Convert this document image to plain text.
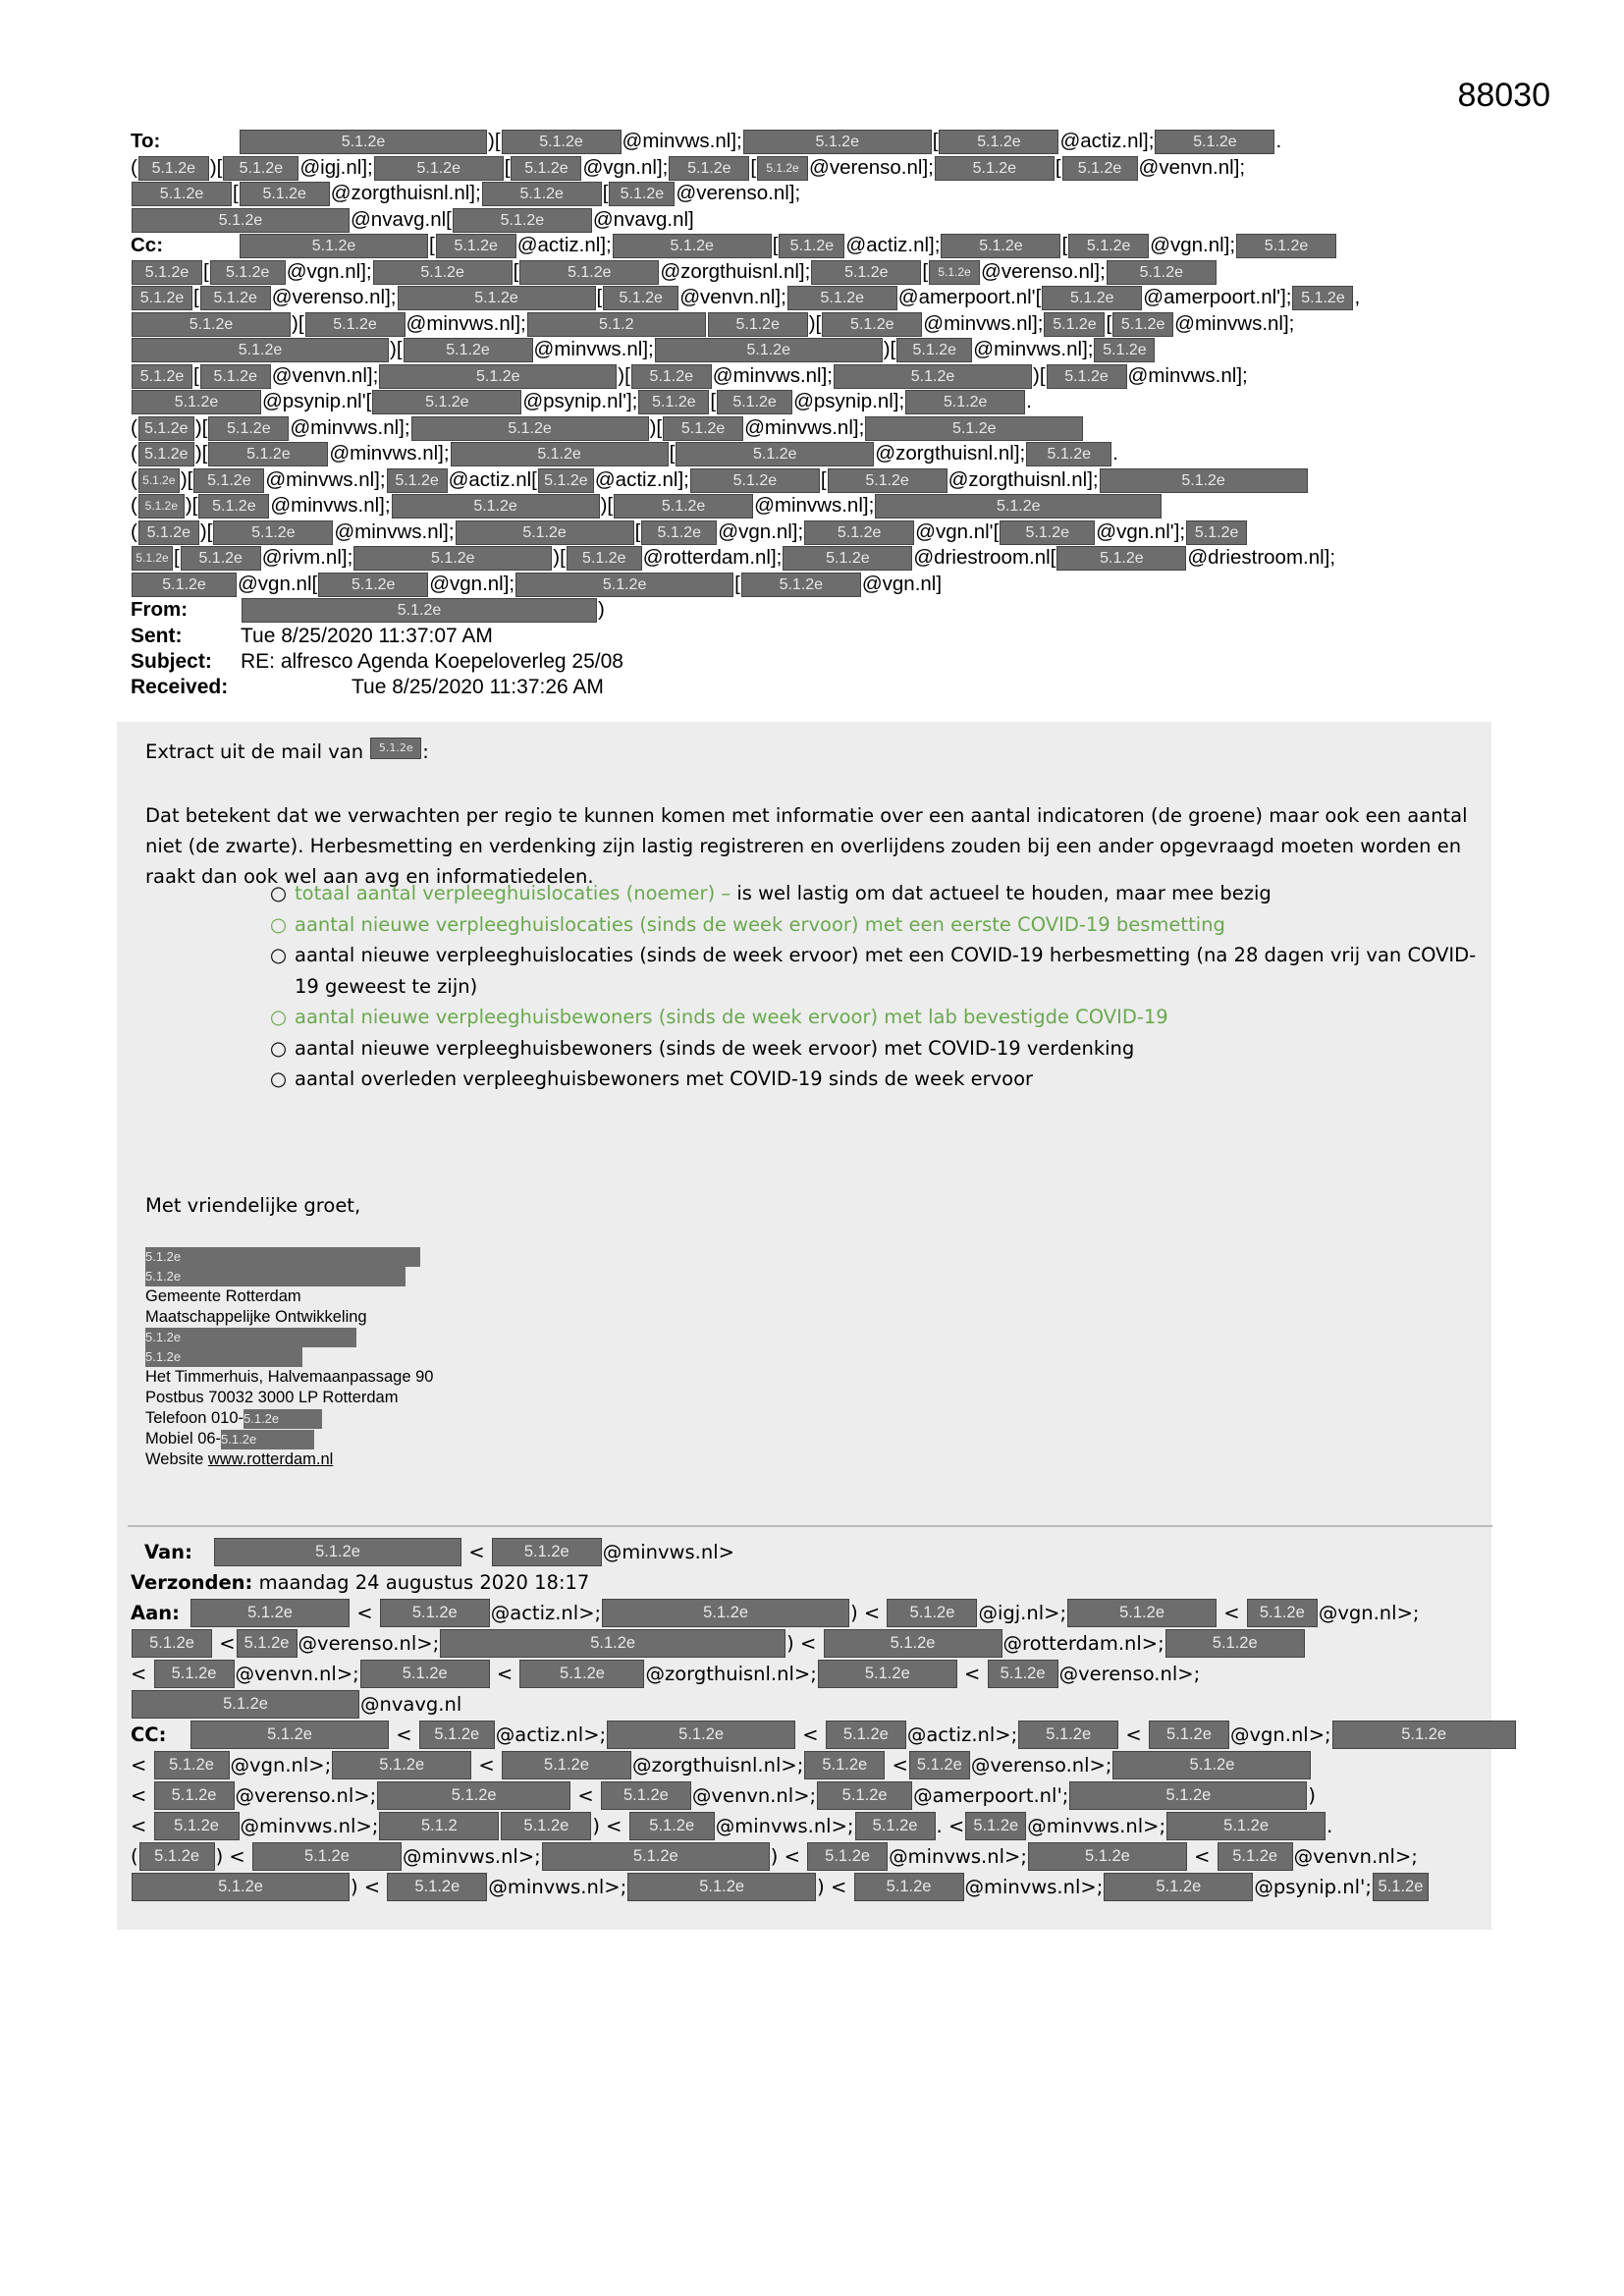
88030
To:	5.1.2e	)[ 5.1.2e @minvws.nl];	5.1.2e	[ 5.1.2e @actiz.nl]; 5.1.2e .
( 5.1.2e )[ 5.1.2e @igj.nl];	5.1.2e [ 5.1.2e @vgn.nl]; 5.1.2e [ 5.1.2e @verenso.nl]; 5.1.2e [ 5.1.2e @venvn.nl];
5.1.2e [ 5.1.2e @zorgthuisnl.nl]; 5.1.2e [ 5.1.2e @verenso.nl];
5.1.2e	@nvavg.nl[	5.1.2e @nvavg.nl]
Cc:	5.1.2e	[ 5.1.2e @actiz.nl];	5.1.2e	[ 5.1.2e @actiz.nl]; 5.1.2e [ 5.1.2e @vgn.nl]; 5.1.2e
5.1.2e [ 5.1.2e @vgn.nl];	5.1.2e [	5.1.2e @zorgthuisnl.nl]; 5.1.2e [ 5.1.2e @verenso.nl]; 5.1.2e
5.1.2e [ 5.1.2e @verenso.nl];	5.1.2e	[ 5.1.2e @venvn.nl]; 5.1.2e @amerpoort.nl'[ 5.1.2e @amerpoort.nl']; 5.1.2e ,
5.1.2e	)[ 5.1.2e @minvws.nl];	5.1.2	5.1.2e )[ 5.1.2e @minvws.nl]; 5.1.2e [ 5.1.2e @minvws.nl];
5.1.2e	)[	5.1.2e @minvws.nl];	5.1.2e	)[ 5.1.2e @minvws.nl]; 5.1.2e
5.1.2e [ 5.1.2e @venvn.nl];	5.1.2e	)[ 5.1.2e @minvws.nl];	5.1.2e	)[ 5.1.2e @minvws.nl];
5.1.2e @psynip.nl'[	5.1.2e	@psynip.nl']; 5.1.2e [ 5.1.2e @psynip.nl]; 5.1.2e .
( 5.1.2e )[ 5.1.2e @minvws.nl];	5.1.2e	)[ 5.1.2e @minvws.nl];	5.1.2e
( 5.1.2e )[ 5.1.2e @minvws.nl];	5.1.2e	[	5.1.2e	@zorgthuisnl.nl]; 5.1.2e .
( 5.1.2e )[ 5.1.2e @minvws.nl]; 5.1.2e @actiz.nl[ 5.1.2e @actiz.nl];	5.1.2e [ 5.1.2e @zorgthuisnl.nl];	5.1.2e
( 5.1.2e )[ 5.1.2e @minvws.nl];	5.1.2e	)[	5.1.2e @minvws.nl];	5.1.2e
( 5.1.2e )[ 5.1.2e @minvws.nl];	5.1.2e	[ 5.1.2e @vgn.nl]; 5.1.2e @vgn.nl'[ 5.1.2e @vgn.nl']; 5.1.2e
5.1.2e [ 5.1.2e @rivm.nl];	5.1.2e	)[ 5.1.2e @rotterdam.nl];	5.1.2e @driestroom.nl[	5.1.2e @driestroom.nl];
5.1.2e @vgn.nl[ 5.1.2e @vgn.nl];	5.1.2e	[ 5.1.2e @vgn.nl]
From:	5.1.2e	)
Sent:	Tue 8/25/2020 11:37:07 AM
Subject:	RE: alfresco Agenda Koepeloverleg 25/08
Received:	Tue 8/25/2020 11:37:26 AM
Extract uit de mail van 5.1.2e :
Dat betekent dat we verwachten per regio te kunnen komen met informatie over een aantal indicatoren (de groene) maar ook een aantal niet (de zwarte). Herbesmetting en verdenking zijn lastig registreren en overlijdens zouden bij een ander opgevraagd moeten worden en raakt dan ook wel aan avg en informatiedelen.
○ totaal aantal verpleeghuislocaties (noemer) – is wel lastig om dat actueel te houden, maar mee bezig
○ aantal nieuwe verpleeghuislocaties (sinds de week ervoor) met een eerste COVID-19 besmetting
○ aantal nieuwe verpleeghuislocaties (sinds de week ervoor) met een COVID-19 herbesmetting (na 28 dagen vrij van COVID-19 geweest te zijn)
○ aantal nieuwe verpleeghuisbewoners (sinds de week ervoor) met lab bevestigde COVID-19
○ aantal nieuwe verpleeghuisbewoners (sinds de week ervoor) met COVID-19 verdenking
○ aantal overleden verpleeghuisbewoners met COVID-19 sinds de week ervoor
Met vriendelijke groet,
5.1.2e
5.1.2e
Gemeente Rotterdam
Maatschappelijke Ontwikkeling
5.1.2e
5.1.2e
Het Timmerhuis, Halvemaanpassage 90
Postbus 70032 3000 LP Rotterdam
Telefoon 010-5.1.2e
Mobiel 06-5.1.2e
Website www.rotterdam.nl
Van:	5.1.2e	< 5.1.2e @minvws.nl>
Verzonden: maandag 24 augustus 2020 18:17
Aan:	5.1.2e	< 5.1.2e @actiz.nl>;	5.1.2e	) < 5.1.2e @igj.nl>;	5.1.2e	< 5.1.2e @vgn.nl>;
5.1.2e < 5.1.2e @verenso.nl>;	5.1.2e	) <	5.1.2e	@rotterdam.nl>;	5.1.2e
< 5.1.2e @venvn.nl>;	5.1.2e <	5.1.2e @zorgthuisnl.nl>;	5.1.2e	< 5.1.2e @verenso.nl>;
5.1.2e	@nvavg.nl
CC:	5.1.2e	< 5.1.2e @actiz.nl>;	5.1.2e	< 5.1.2e @actiz.nl>; 5.1.2e < 5.1.2e @vgn.nl>;	5.1.2e
< 5.1.2e @vgn.nl>;	5.1.2e	<	5.1.2e @zorgthuisnl.nl>; 5.1.2e < 5.1.2e @verenso.nl>;	5.1.2e
< 5.1.2e @verenso.nl>;	5.1.2e	< 5.1.2e @venvn.nl>; 5.1.2e @amerpoort.nl';	5.1.2e	)
< 5.1.2e @minvws.nl>;	5.1.2	5.1.2e ) < 5.1.2e @minvws.nl>; 5.1.2e . < 5.1.2e @minvws.nl>;	5.1.2e	.
( 5.1.2e ) <	5.1.2e	@minvws.nl>;	5.1.2e	) < 5.1.2e @minvws.nl>;	5.1.2e	< 5.1.2e @venvn.nl>;
5.1.2e	) < 5.1.2e @minvws.nl>;	5.1.2e	) < 5.1.2e @minvws.nl>;	5.1.2e	@psynip.nl'; 5.1.2e
